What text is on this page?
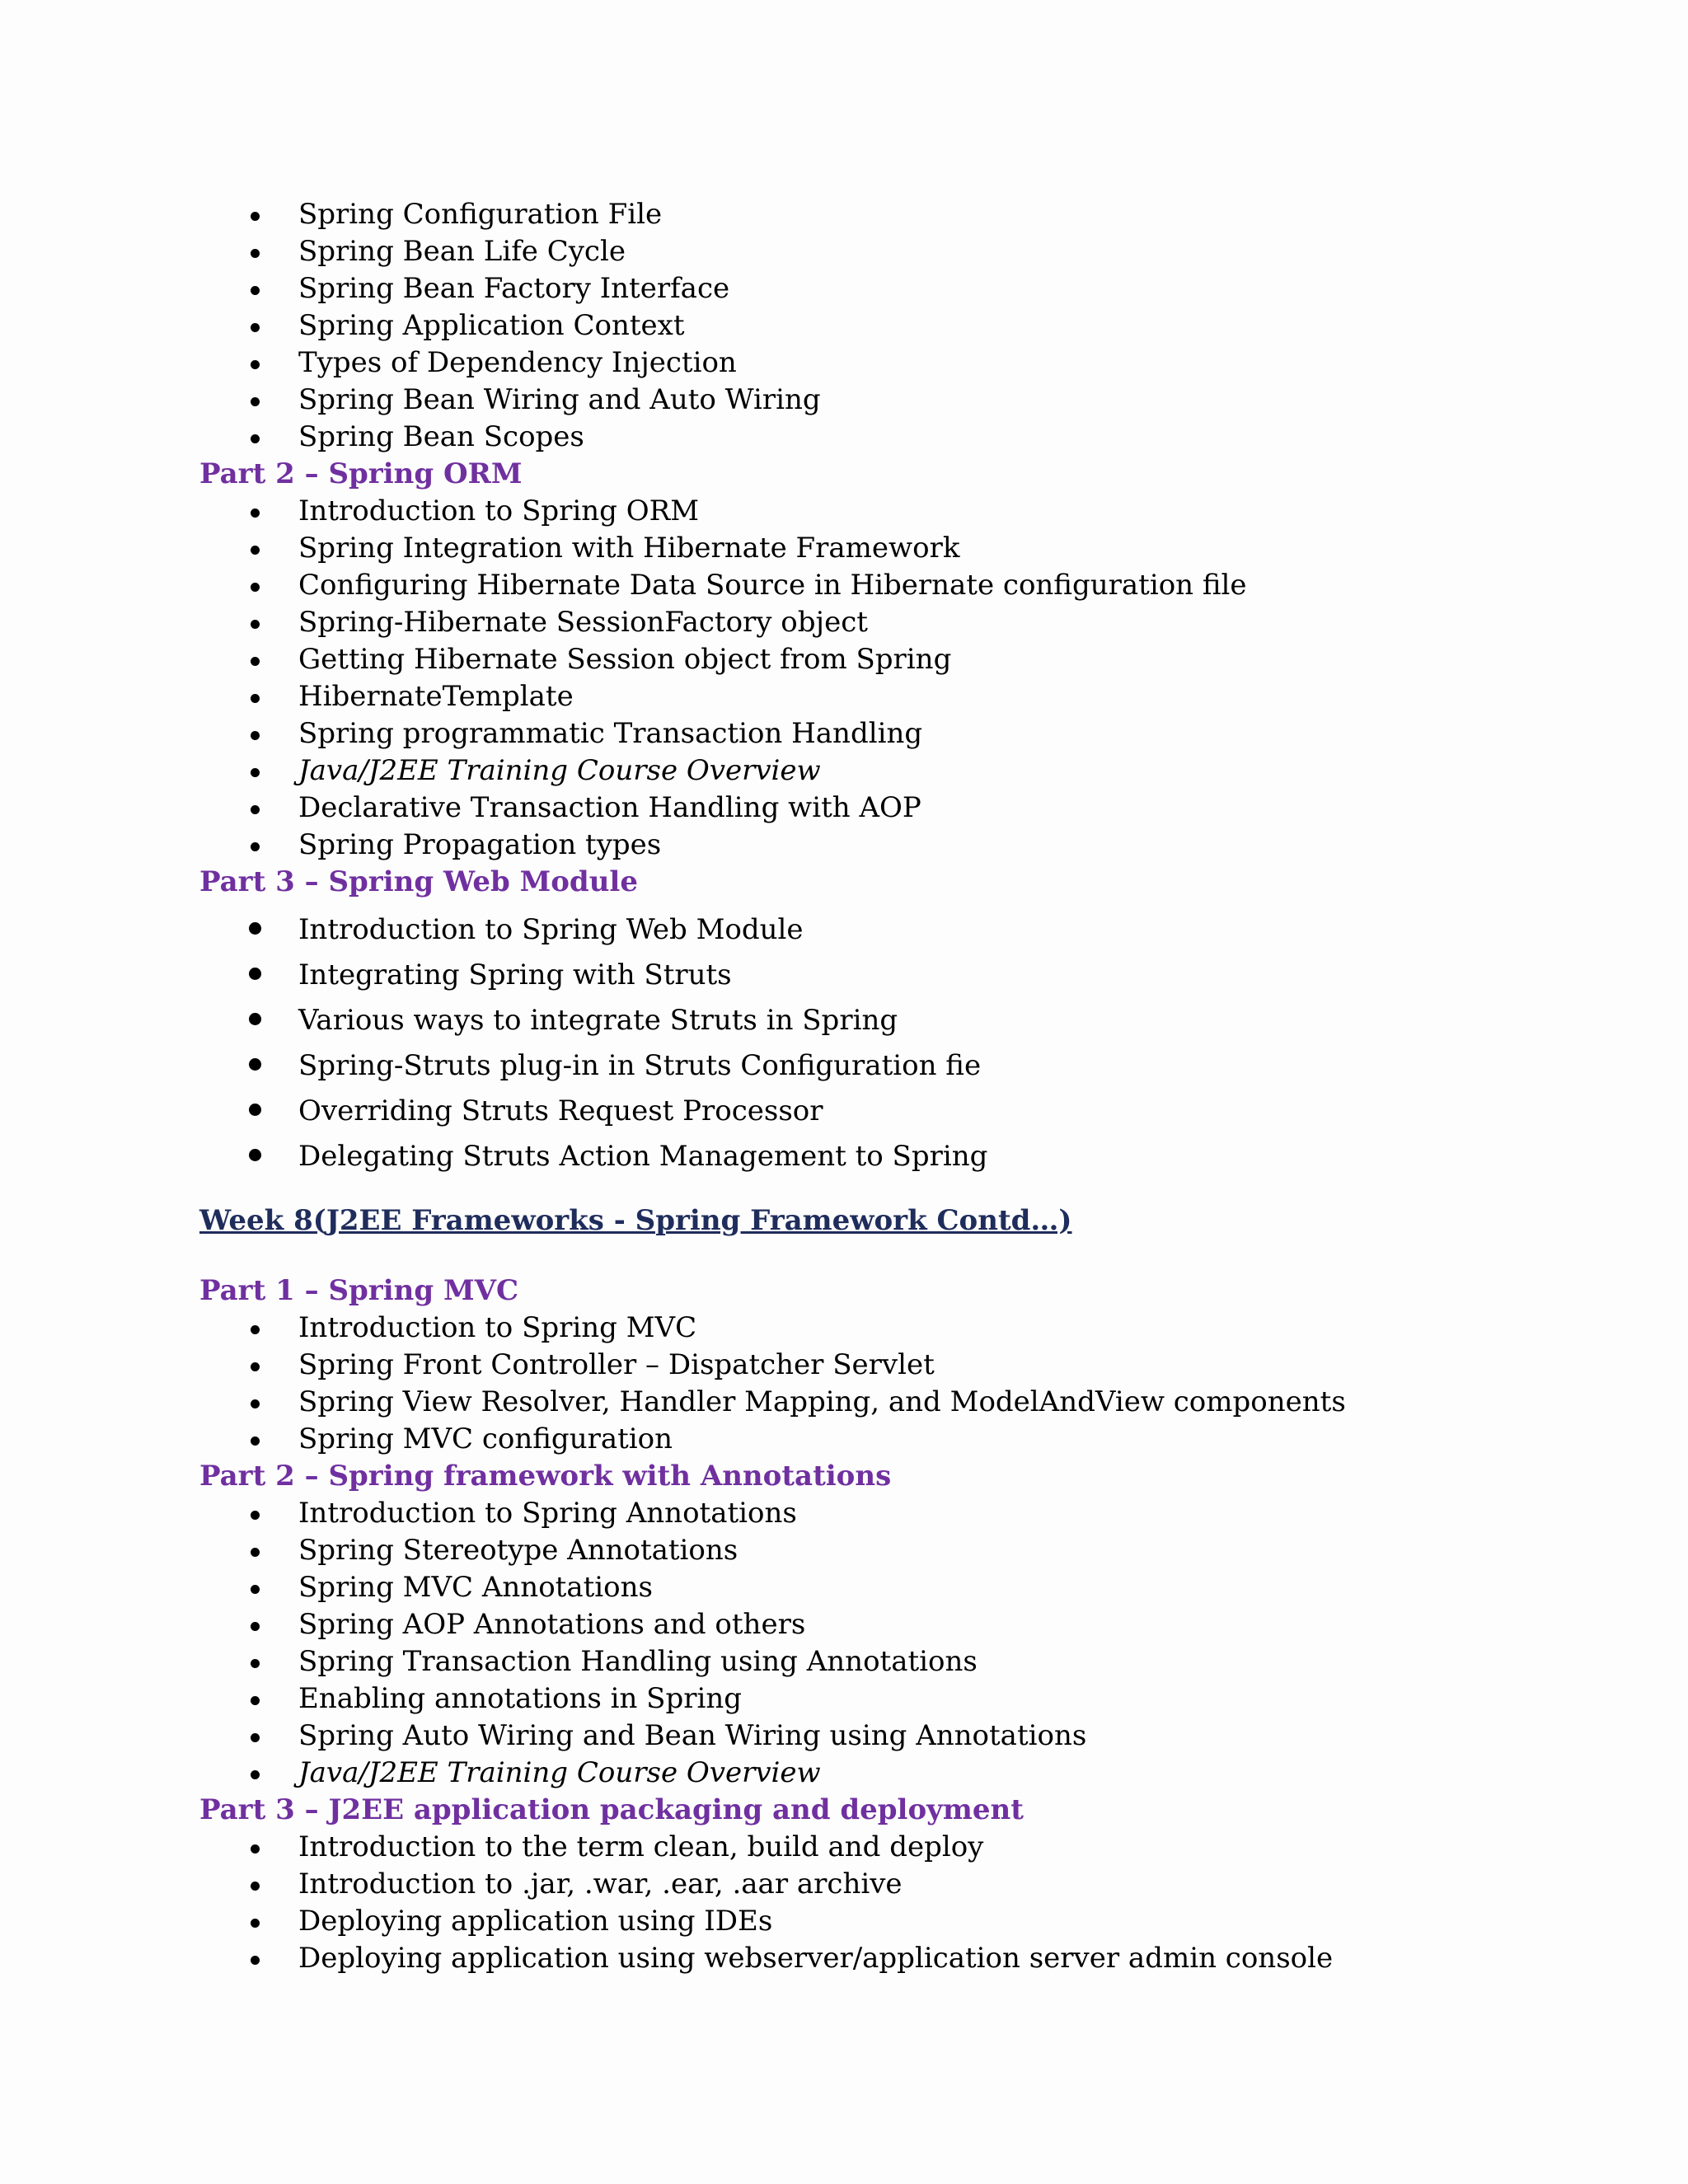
Spring Configuration File
Spring Bean Life Cycle
Spring Bean Factory Interface
Spring Application Context
Types of Dependency Injection
Spring Bean Wiring and Auto Wiring
Spring Bean Scopes
Part 2 – Spring ORM
Introduction to Spring ORM
Spring Integration with Hibernate Framework
Configuring Hibernate Data Source in Hibernate configuration file
Spring-Hibernate SessionFactory object
Getting Hibernate Session object from Spring
HibernateTemplate
Spring programmatic Transaction Handling
Java/J2EE Training Course Overview
Declarative Transaction Handling with AOP
Spring Propagation types
Part 3 – Spring Web Module
Introduction to Spring Web Module
Integrating Spring with Struts
Various ways to integrate Struts in Spring
Spring-Struts plug-in in Struts Configuration fie
Overriding Struts Request Processor
Delegating Struts Action Management to Spring
Week 8(J2EE Frameworks - Spring Framework Contd…)
Part 1 – Spring MVC
Introduction to Spring MVC
Spring Front Controller – Dispatcher Servlet
Spring View Resolver, Handler Mapping, and ModelAndView components
Spring MVC configuration
Part 2 – Spring framework with Annotations
Introduction to Spring Annotations
Spring Stereotype Annotations
Spring MVC Annotations
Spring AOP Annotations and others
Spring Transaction Handling using Annotations
Enabling annotations in Spring
Spring Auto Wiring and Bean Wiring using Annotations
Java/J2EE Training Course Overview
Part 3 – J2EE application packaging and deployment
Introduction to the term clean, build and deploy
Introduction to .jar, .war, .ear, .aar archive
Deploying application using IDEs
Deploying application using webserver/application server admin console
